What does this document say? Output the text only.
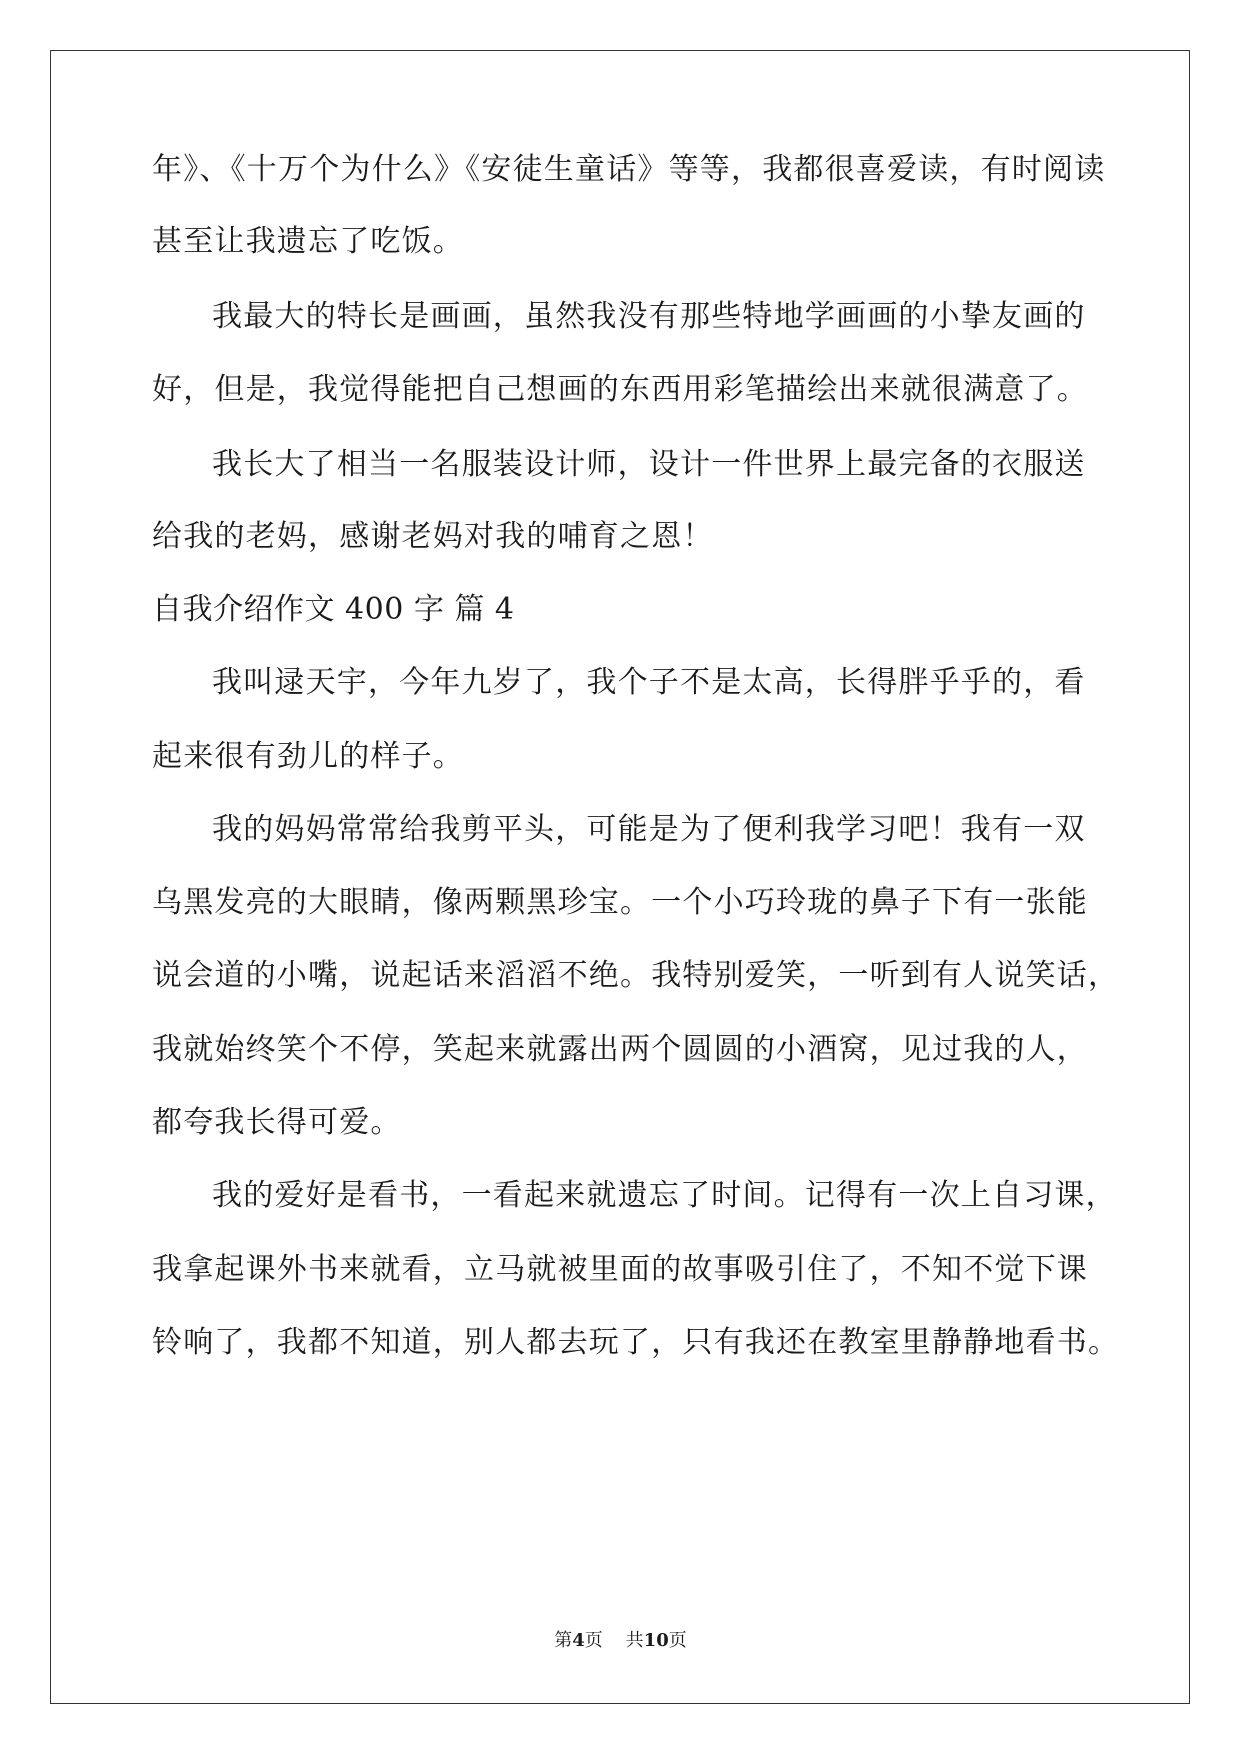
年》、《十万个为什么》《安徒生童话》等等，我都很喜爱读，有时阅读
甚至让我遗忘了吃饭。
我最大的特长是画画，虽然我没有那些特地学画画的小挚友画的
好，但是，我觉得能把自己想画的东西用彩笔描绘出来就很满意了。
我长大了相当一名服装设计师，设计一件世界上最完备的衣服送
给我的老妈，感谢老妈对我的哺育之恩！
自我介绍作文 400 字 篇 4
我叫逯天宇，今年九岁了，我个子不是太高，长得胖乎乎的，看
起来很有劲儿的样子。
我的妈妈常常给我剪平头，可能是为了便利我学习吧！我有一双
乌黑发亮的大眼睛，像两颗黑珍宝。一个小巧玲珑的鼻子下有一张能
说会道的小嘴，说起话来滔滔不绝。我特别爱笑，一听到有人说笑话，
我就始终笑个不停，笑起来就露出两个圆圆的小酒窝，见过我的人，
都夸我长得可爱。
我的爱好是看书，一看起来就遗忘了时间。记得有一次上自习课，
我拿起课外书来就看，立马就被里面的故事吸引住了，不知不觉下课
铃响了，我都不知道，别人都去玩了，只有我还在教室里静静地看书。
第4页 共10页
